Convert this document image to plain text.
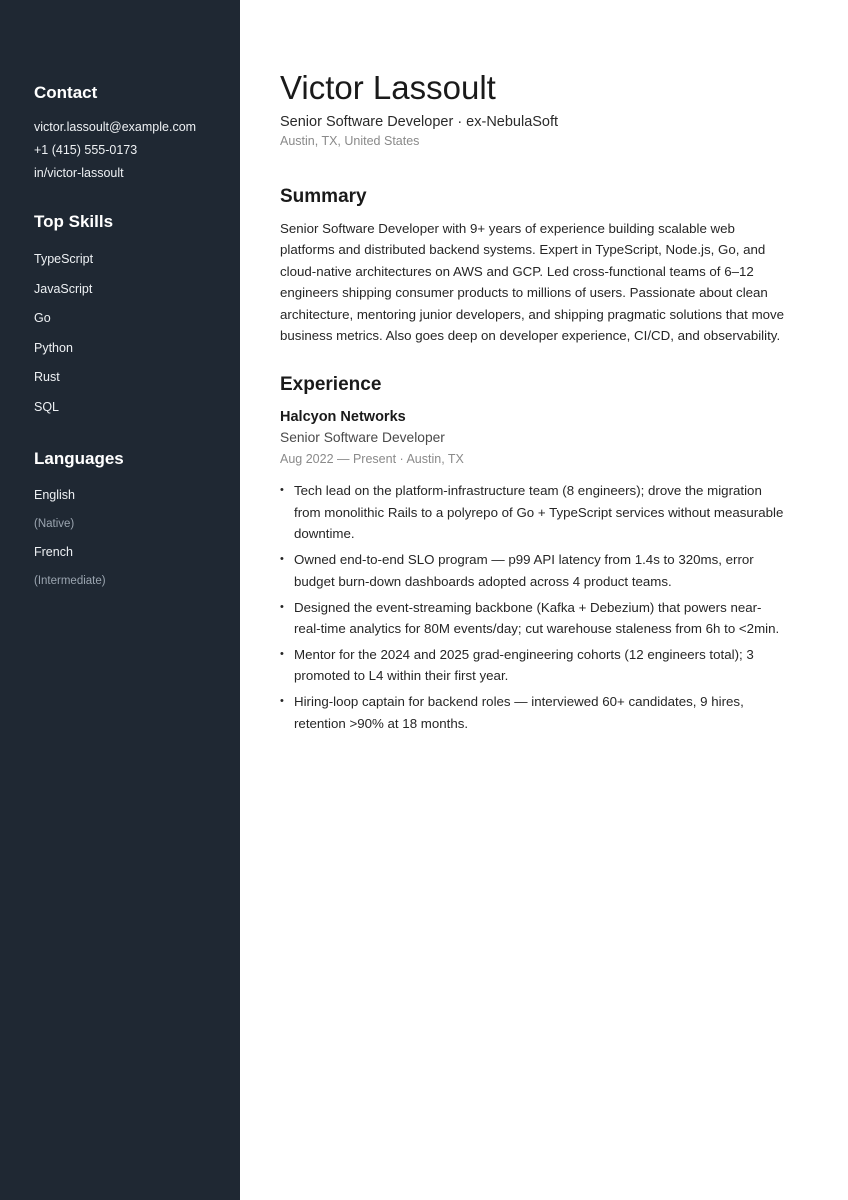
Contact
victor.lassoult@example.com
+1 (415) 555-0173
in/victor-lassoult
Top Skills
TypeScript
JavaScript
Go
Python
Rust
SQL
Languages
English
(Native)
French
(Intermediate)
Victor Lassoult
Senior Software Developer · ex-NebulaSoft
Austin, TX, United States
Summary

Senior Software Developer with 9+ years of experience building scalable web platforms and distributed backend systems. Expert in TypeScript, Node.js, Go, and cloud-native architectures on AWS and GCP. Led cross-functional teams of 6–12 engineers shipping consumer products to millions of users. Passionate about clean architecture, mentoring junior developers, and shipping pragmatic solutions that move business metrics. Also goes deep on developer experience, CI/CD, and observability.

Experience
Halcyon Networks
Senior Software Developer
Aug 2022 — Present · Austin, TX
• Tech lead on the platform-infrastructure team (8 engineers); drove the migration from monolithic Rails to a polyrepo of Go + TypeScript services without measurable downtime.
• Owned end-to-end SLO program — p99 API latency from 1.4s to 320ms, error budget burn-down dashboards adopted across 4 product teams.
• Designed the event-streaming backbone (Kafka + Debezium) that powers near-real-time analytics for 80M events/day; cut warehouse staleness from 6h to <2min.
• Mentor for the 2024 and 2025 grad-engineering cohorts (12 engineers total); 3 promoted to L4 within their first year.
• Hiring-loop captain for backend roles — interviewed 60+ candidates, 9 hires, retention >90% at 18 months.
